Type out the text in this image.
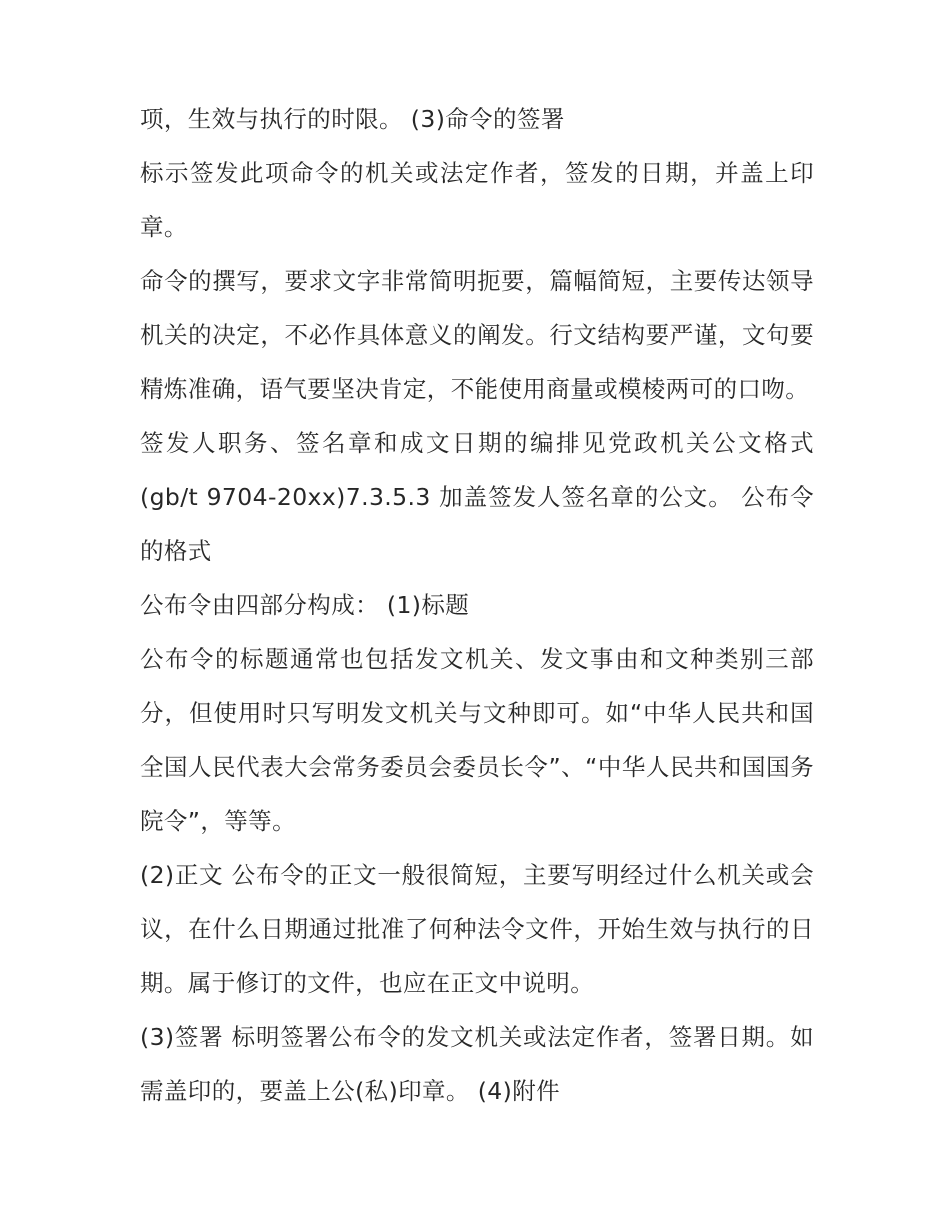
项，生效与执行的时限。 (3)命令的签署

标示签发此项命令的机关或法定作者，签发的日期，并盖上印章。

命令的撰写，要求文字非常简明扼要，篇幅简短，主要传达领导机关的决定，不必作具体意义的阐发。行文结构要严谨，文句要精炼准确，语气要坚决肯定，不能使用商量或模棱两可的口吻。

签发人职务、签名章和成文日期的编排见党政机关公文格式(gb/t 9704-20xx)7.3.5.3 加盖签发人签名章的公文。 公布令的格式

公布令由四部分构成： (1)标题

公布令的标题通常也包括发文机关、发文事由和文种类别三部分，但使用时只写明发文机关与文种即可。如“中华人民共和国全国人民代表大会常务委员会委员长令”、“中华人民共和国国务院令”，等等。

(2)正文 公布令的正文一般很简短，主要写明经过什么机关或会议，在什么日期通过批准了何种法令文件，开始生效与执行的日期。属于修订的文件，也应在正文中说明。

(3)签署 标明签署公布令的发文机关或法定作者，签署日期。如需盖印的，要盖上公(私)印章。 (4)附件
